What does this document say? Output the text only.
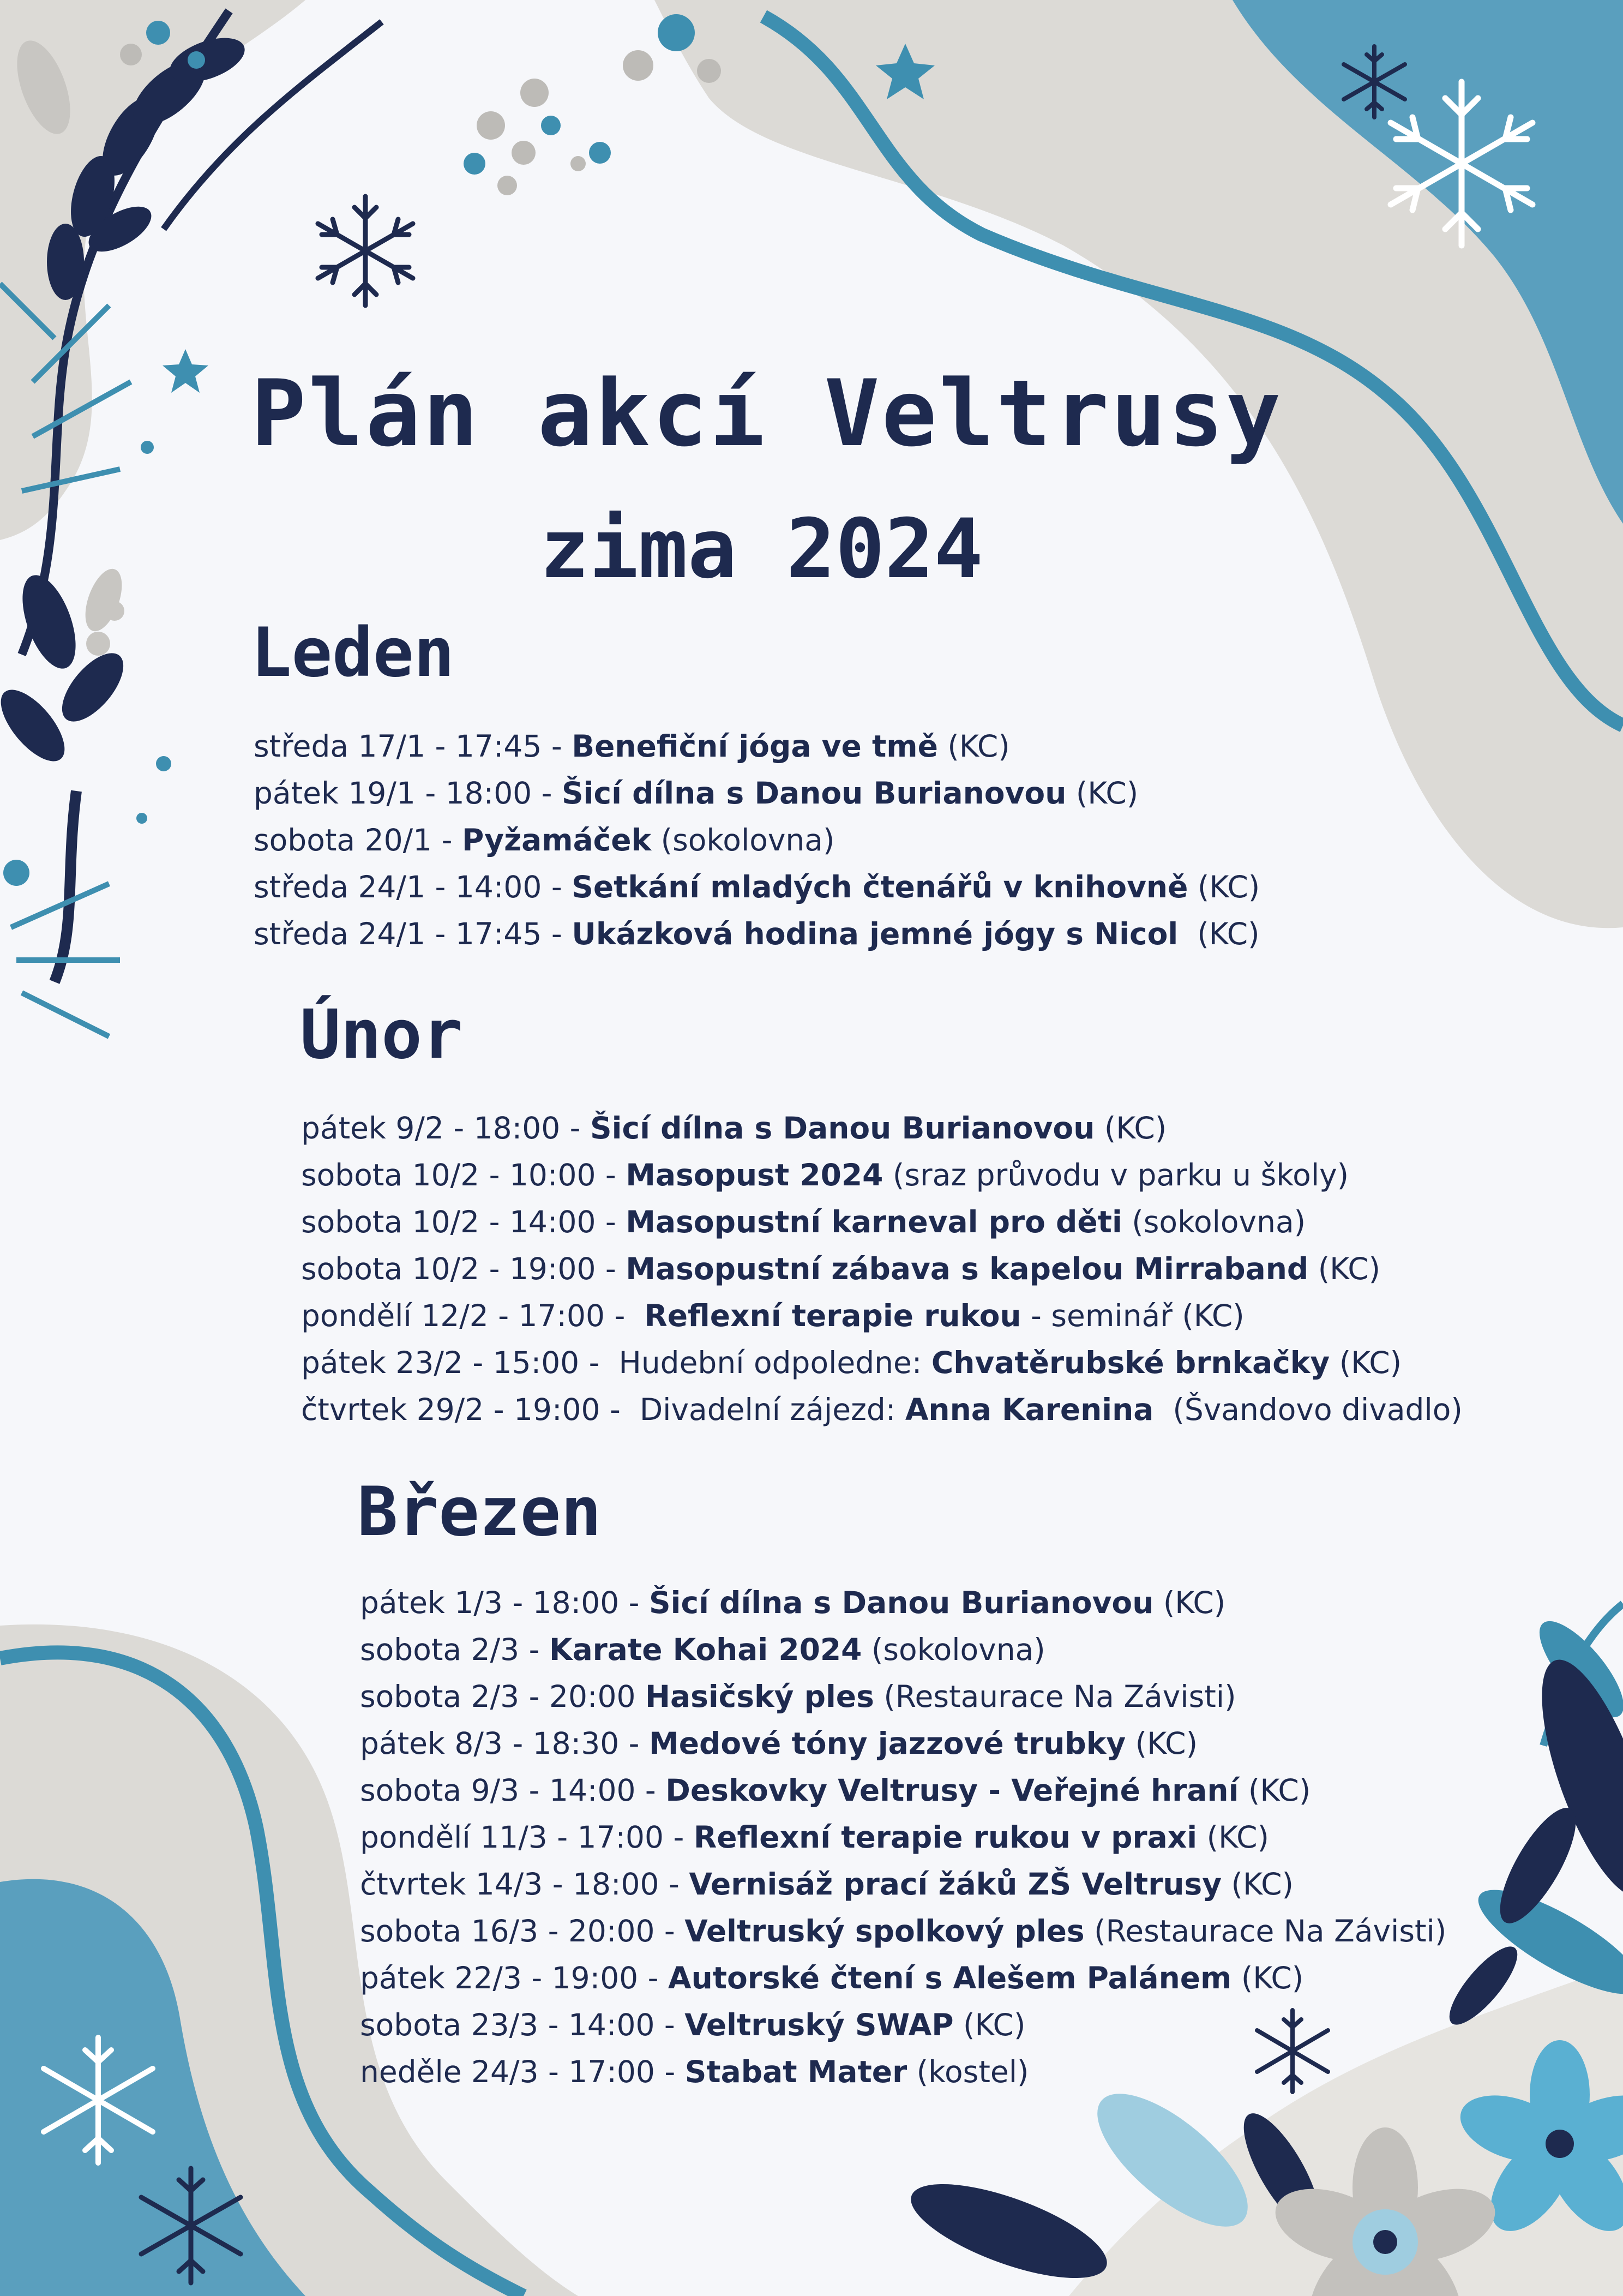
Plán akcí Veltrusy
zima 2024
Leden
středa 17/1 - 17:45 - Benefiční jóga ve tmě (KC)
pátek 19/1 - 18:00 - Šicí dílna s Danou Burianovou (KC)
sobota 20/1 - Pyžamáček (sokolovna)
středa 24/1 - 14:00 - Setkání mladých čtenářů v knihovně (KC)
středa 24/1 - 17:45 - Ukázková hodina jemné jógy s Nicol  (KC)
Únor
pátek 9/2 - 18:00 - Šicí dílna s Danou Burianovou (KC)
sobota 10/2 - 10:00 - Masopust 2024 (sraz průvodu v parku u školy)
sobota 10/2 - 14:00 - Masopustní karneval pro děti (sokolovna)
sobota 10/2 - 19:00 - Masopustní zábava s kapelou Mirraband (KC)
pondělí 12/2 - 17:00 -  Reflexní terapie rukou - seminář (KC)
pátek 23/2 - 15:00 -  Hudební odpoledne: Chvatěrubské brnkačky (KC)
čtvrtek 29/2 - 19:00 -  Divadelní zájezd: Anna Karenina  (Švandovo divadlo)
Březen
pátek 1/3 - 18:00 - Šicí dílna s Danou Burianovou (KC)
sobota 2/3 - Karate Kohai 2024 (sokolovna)
sobota 2/3 - 20:00 Hasičský ples (Restaurace Na Závisti)
pátek 8/3 - 18:30 - Medové tóny jazzové trubky (KC)
sobota 9/3 - 14:00 - Deskovky Veltrusy - Veřejné hraní (KC)
pondělí 11/3 - 17:00 - Reflexní terapie rukou v praxi (KC)
čtvrtek 14/3 - 18:00 - Vernisáž prací žáků ZŠ Veltrusy (KC)
sobota 16/3 - 20:00 - Veltruský spolkový ples (Restaurace Na Závisti)
pátek 22/3 - 19:00 - Autorské čtení s Alešem Palánem (KC)
sobota 23/3 - 14:00 - Veltruský SWAP (KC)
neděle 24/3 - 17:00 - Stabat Mater (kostel)
